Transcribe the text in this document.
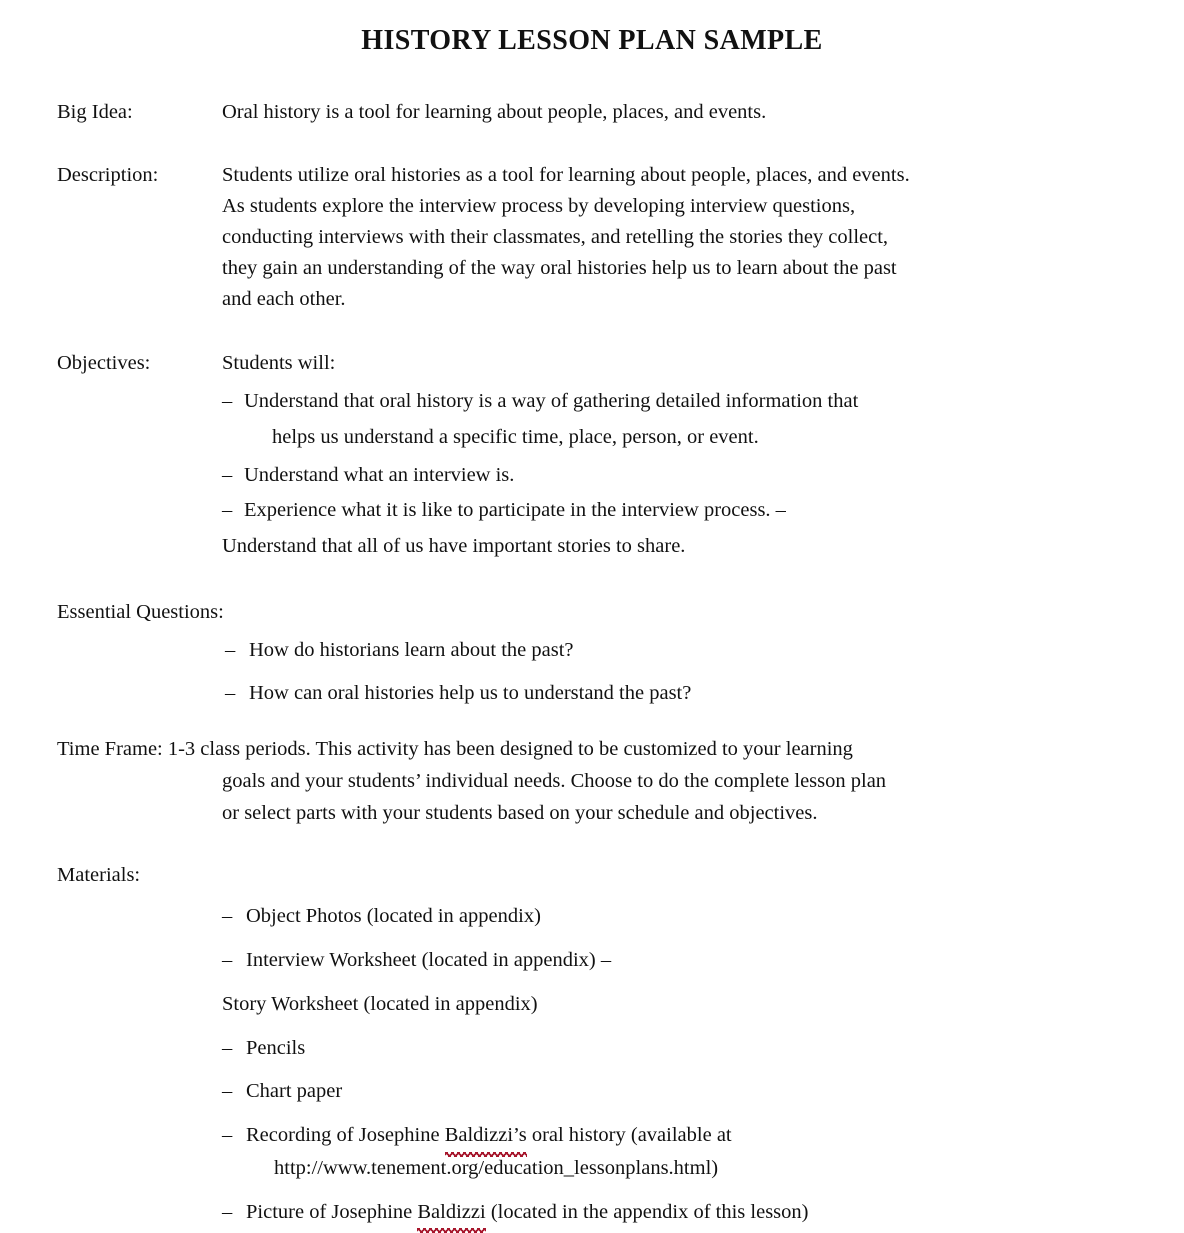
HISTORY LESSON PLAN SAMPLE
Big Idea:	Oral history is a tool for learning about people, places, and events.
Description:	Students utilize oral histories as a tool for learning about people, places, and events.
As students explore the interview process by developing interview questions,
conducting interviews with their classmates, and retelling the stories they collect,
they gain an understanding of the way oral histories help us to learn about the past
and each other.
Objectives:	Students will:
– Understand that oral history is a way of gathering detailed information that
helps us understand a specific time, place, person, or event.
– Understand what an interview is.
– Experience what it is like to participate in the interview process. –
Understand that all of us have important stories to share.
Essential Questions:
– How do historians learn about the past?
– How can oral histories help us to understand the past?
Time Frame: 1-3 class periods. This activity has been designed to be customized to your learning
goals and your students’ individual needs. Choose to do the complete lesson plan
or select parts with your students based on your schedule and objectives.
Materials:
– Object Photos (located in appendix)
– Interview Worksheet (located in appendix) –
Story Worksheet (located in appendix)
– Pencils
– Chart paper
– Recording of Josephine Baldizzi’s oral history (available at
http://www.tenement.org/education_lessonplans.html)
– Picture of Josephine Baldizzi (located in the appendix of this lesson)
